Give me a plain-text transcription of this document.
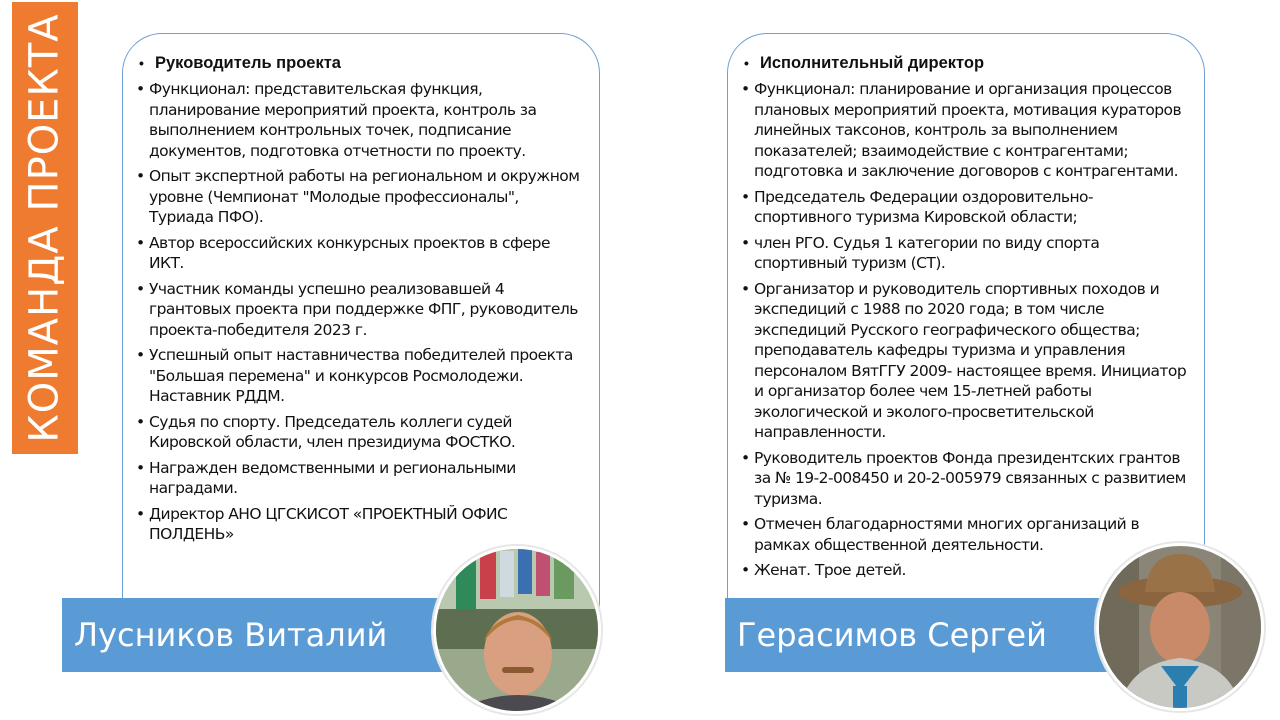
КОМАНДА ПРОЕКТА	• Руководитель проекта
• Функционал: представительская функция, планирование мероприятий проекта, контроль за выполнением контрольных точек, подписание документов, подготовка отчетности по проекту.
• Опыт экспертной работы на региональном и окружном уровне (Чемпионат "Молодые профессионалы", Туриада ПФО).
• Автор всероссийских конкурсных проектов в сфере ИКТ.
• Участник команды успешно реализовавшей 4 грантовых проекта при поддержке ФПГ, руководитель проекта-победителя 2023 г.
• Успешный опыт наставничества победителей проекта "Большая перемена" и конкурсов Росмолодежи. Наставник РДДМ.
• Судья по спорту. Председатель коллеги судей Кировской области, член президиума ФОСТКО.
• Награжден ведомственными и региональными наградами.
• Директор АНО ЦГСКИСОТ «ПРОЕКТНЫЙ ОФИС ПОЛДЕНЬ»
• Исполнительный директор
• Функционал: планирование и организация процессов плановых мероприятий проекта, мотивация кураторов линейных таксонов, контроль за выполнением показателей; взаимодействие с контрагентами; подготовка и заключение договоров с контрагентами.
• Председатель Федерации оздоровительно-спортивного туризма Кировской области;
• член РГО. Судья 1 категории по виду спорта спортивный туризм (СТ).
• Организатор и руководитель спортивных походов и экспедиций с 1988 по 2020 года; в том числе экспедиций Русского географического общества; преподаватель кафедры туризма и управления персоналом ВятГГУ 2009- настоящее время. Инициатор и организатор более чем 15-летней работы экологической и эколого-просветительской направленности.
• Руководитель проектов Фонда президентских грантов за № 19-2-008450 и 20-2-005979 связанных с развитием туризма.
• Отмечен благодарностями многих организаций в рамках общественной деятельности.
• Женат. Трое детей.
Лусников Виталий	Герасимов Сергей
